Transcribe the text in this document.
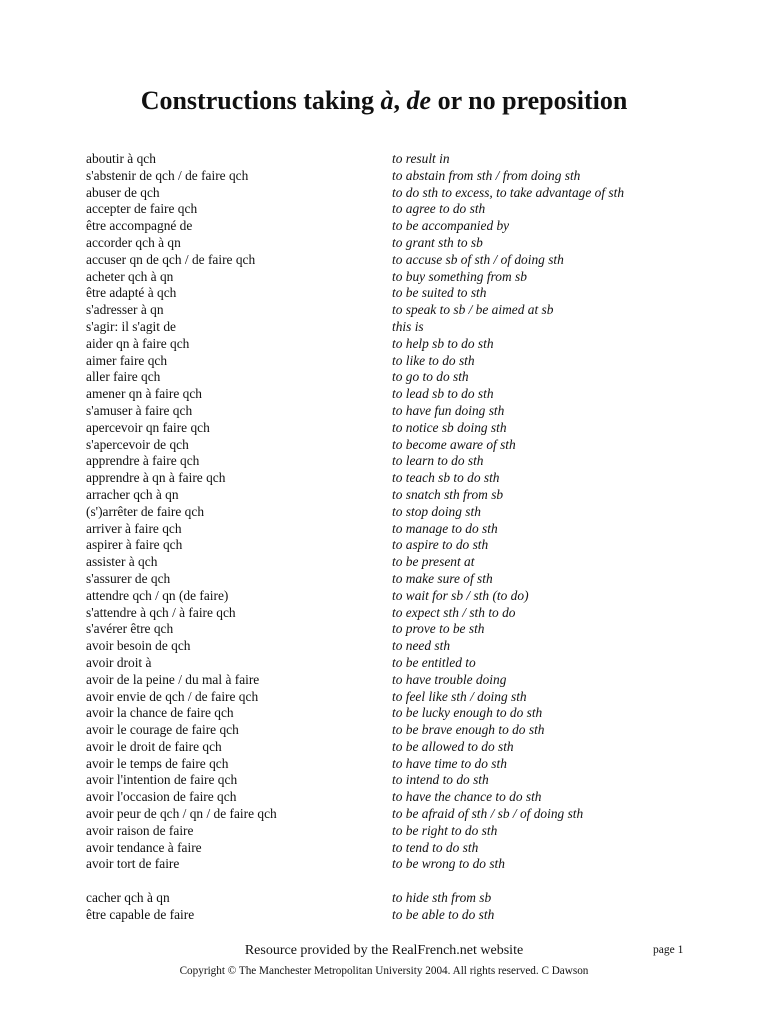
Constructions taking à, de or no preposition
aboutir à qch	to result in
s'abstenir de qch / de faire qch	to abstain from sth / from doing sth
abuser de qch	to do sth to excess, to take advantage of sth
accepter de faire qch	to agree to do sth
être accompagné de	to be accompanied by
accorder qch à qn	to grant sth to sb
accuser qn de qch / de faire qch	to accuse sb of sth / of doing sth
acheter qch à qn	to buy something from sb
être adapté à qch	to be suited to sth
s'adresser à qn	to speak to sb / be aimed at sb
s'agir: il s'agit de	this is
aider qn à faire qch	to help sb to do sth
aimer faire qch	to like to do sth
aller faire qch	to go to do sth
amener qn à faire qch	to lead sb to do sth
s'amuser à faire qch	to have fun doing sth
apercevoir qn faire qch	to notice sb doing sth
s'apercevoir de qch	to become aware of sth
apprendre à faire qch	to learn to do sth
apprendre à qn à faire qch	to teach sb to do sth
arracher qch à qn	to snatch sth from sb
(s')arrêter de faire qch	to stop doing sth
arriver à faire qch	to manage to do sth
aspirer à faire qch	to aspire to do sth
assister à qch	to be present at
s'assurer de qch	to make sure of sth
attendre qch / qn (de faire)	to wait for sb / sth (to do)
s'attendre à qch / à faire qch	to expect sth / sth to do
s'avérer être qch	to prove to be sth
avoir besoin de qch	to need sth
avoir droit à	to be entitled to
avoir de la peine / du mal à faire	to have trouble doing
avoir envie de qch / de faire qch	to feel like sth / doing sth
avoir la chance de faire qch	to be lucky enough to do sth
avoir le courage de faire qch	to be brave enough to do sth
avoir le droit de faire qch	to be allowed to do sth
avoir le temps de faire qch	to have time to do sth
avoir l'intention de faire qch	to intend to do sth
avoir l'occasion de faire qch	to have the chance to do sth
avoir peur de qch / qn / de faire qch	to be afraid of sth / sb / of doing sth
avoir raison de faire	to be right to do sth
avoir tendance à faire	to tend to do sth
avoir tort de faire	to be wrong to do sth
cacher qch à qn	to hide sth from sb
être capable de faire	to be able to do sth
Resource provided by the RealFrench.net website	page 1
Copyright © The Manchester Metropolitan University 2004. All rights reserved. C Dawson
